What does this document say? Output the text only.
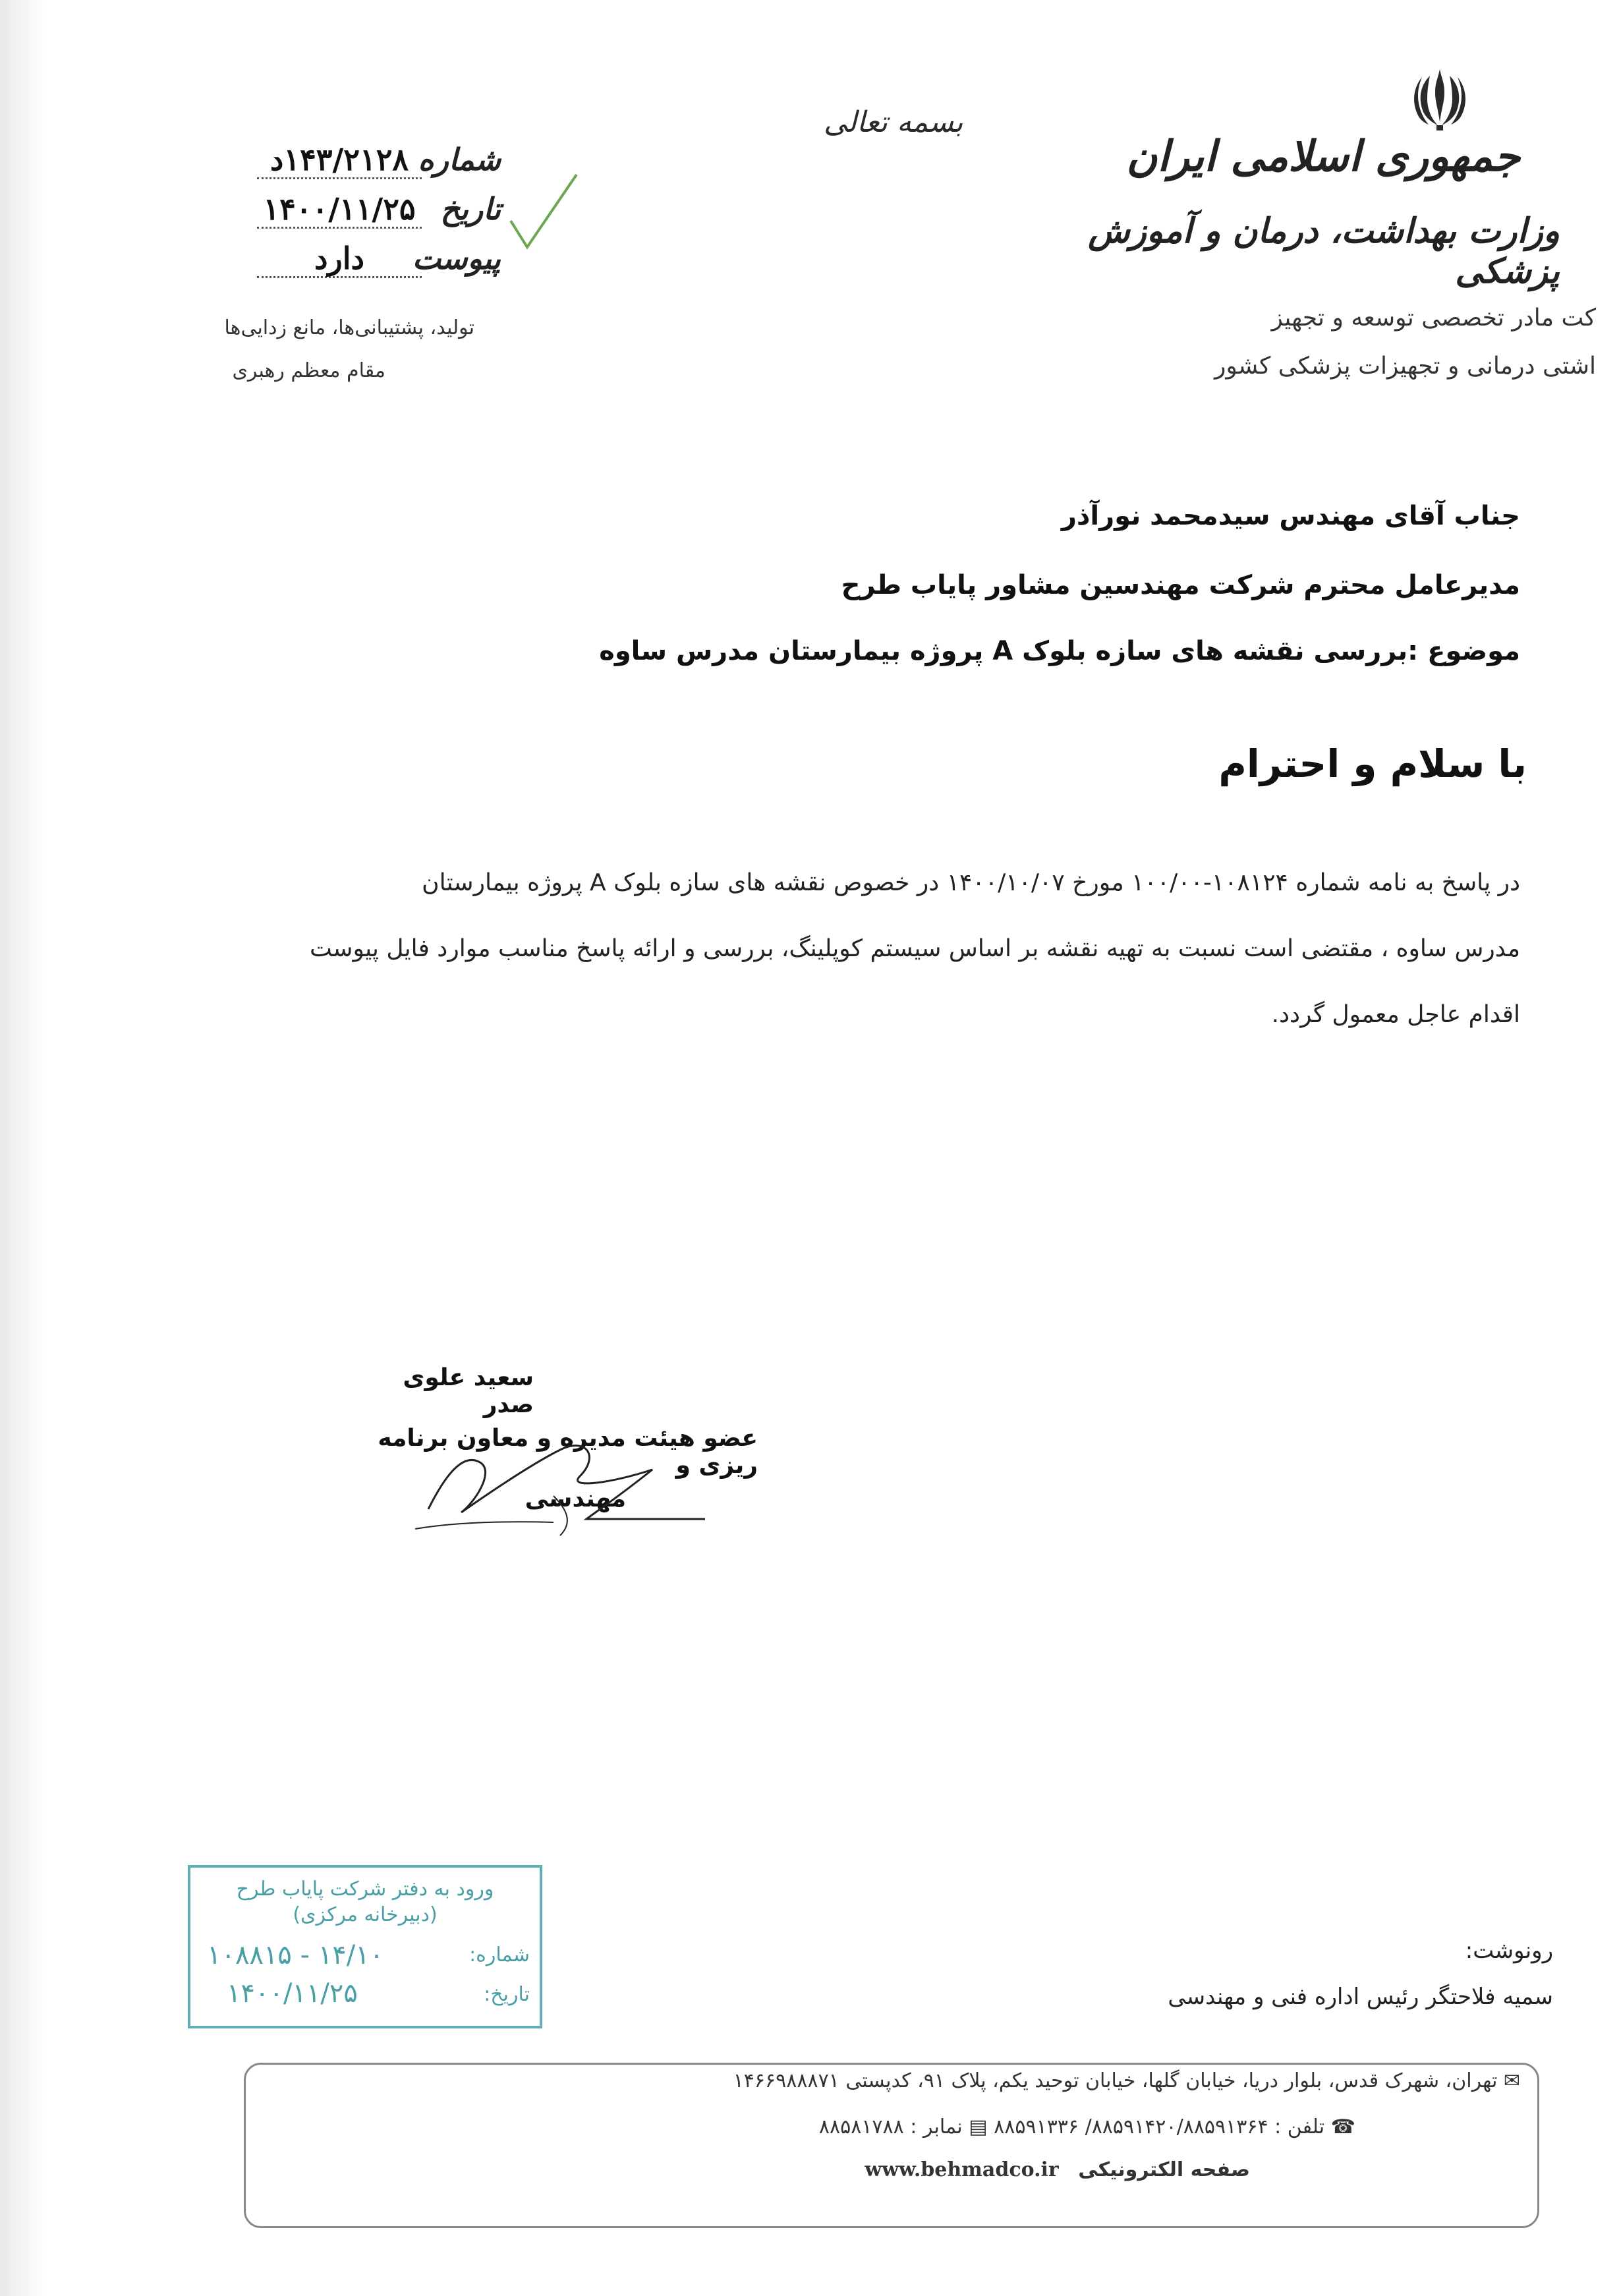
بسمه تعالی
جمهوری اسلامی ایران
وزارت بهداشت، درمان و آموزش پزشکی
کت مادر تخصصی توسعه و تجهیز
اشتی درمانی و تجهیزات پزشکی کشور
شماره
۱۴۳/۲۱۲۸د
تاریخ
۱۴۰۰/۱۱/۲۵
پیوست
دارد
تولید، پشتیبانی‌ها، مانع زدایی‌ها
مقام معظم رهبری
جناب آقای مهندس سیدمحمد نورآذر
مدیرعامل محترم شرکت مهندسین مشاور پایاب طرح
موضوع :بررسی نقشه های سازه بلوک A پروژه بیمارستان مدرس ساوه
با سلام و احترام
در پاسخ به نامه شماره ۱۰۸۱۲۴-۱۰۰/۰۰ مورخ ۱۴۰۰/۱۰/۰۷ در خصوص نقشه های سازه بلوک A پروژه بیمارستان
مدرس ساوه ، مقتضی است نسبت به تهیه نقشه بر اساس سیستم کوپلینگ، بررسی و ارائه پاسخ مناسب موارد فایل پیوست
اقدام عاجل معمول گردد.
سعید علوی صدر
عضو هیئت مدیره و معاون برنامه ریزی و
مهندسی
ورود به دفتر شرکت پایاب طرح
(دبیرخانه مرکزی)
شماره:
۱۰۸۸۱۵ - ۱۴/۱۰
تاریخ:
۱۴۰۰/۱۱/۲۵
رونوشت:
سمیه فلاحتگر رئیس اداره فنی و مهندسی
✉ تهران، شهرک قدس، بلوار دریا، خیابان گلها، خیابان توحید یکم، پلاک ۹۱، کدپستی ۱۴۶۶۹۸۸۸۷۱
☎ تلفن : ۸۸۵۹۱۴۲۰/۸۸۵۹۱۳۶۴/ ۸۸۵۹۱۳۳۶ ▤ نمابر : ۸۸۵۸۱۷۸۸
صفحه الکترونیکی www.behmadco.ir
